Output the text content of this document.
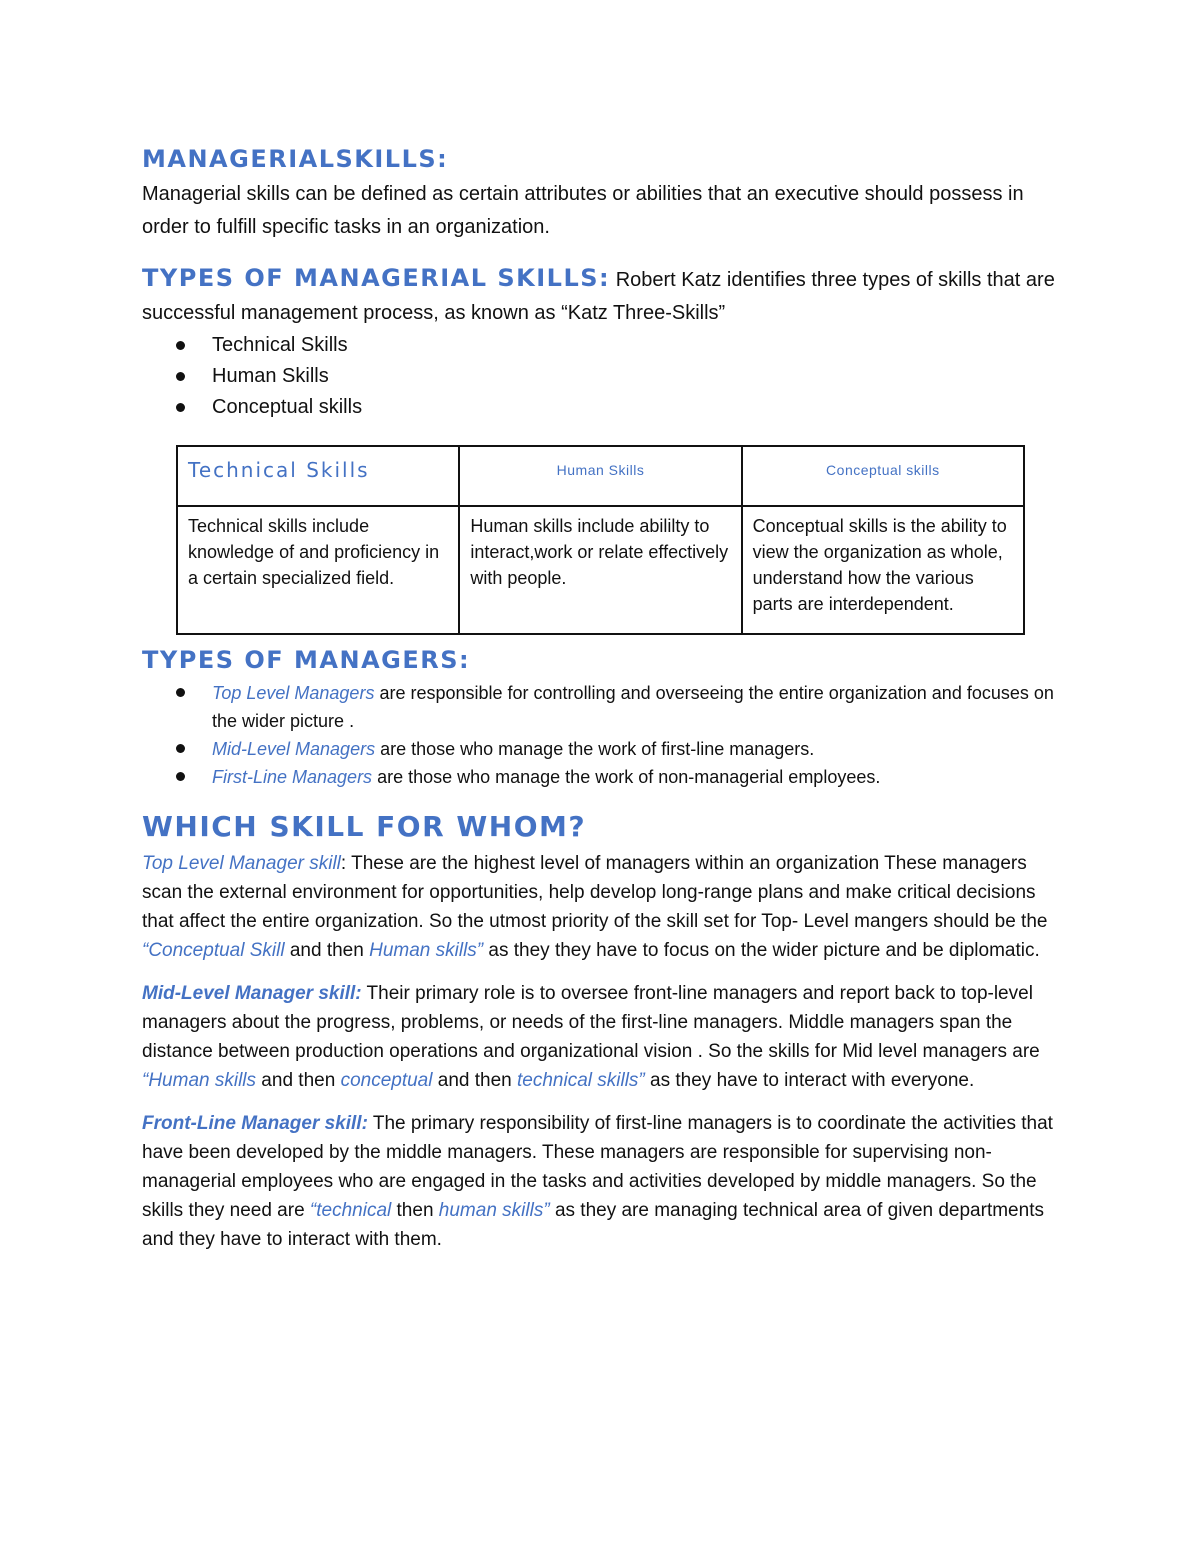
MANAGERIALSKILLS:

Managerial skills can be defined as certain attributes or abilities that an executive should possess in order to fulfill specific tasks in an organization.

TYPES OF MANAGERIAL SKILLS: Robert Katz identifies three types of skills that are successful management process, as known as “Katz Three-Skills”

Technical Skills
Human Skills
Conceptual skills
Technical Skills	Human Skills	Conceptual skills

Technical skills include knowledge of and proficiency in a certain specialized field.	Human skills include abililty to interact,work or relate effectively with people.	Conceptual skills is the ability to view the organization as whole, understand how the various parts are interdependent.
TYPES OF MANAGERS:
Top Level Managers are responsible for controlling and overseeing the entire organization and focuses on the wider picture .
Mid-Level Managers are those who manage the work of first-line managers.
First-Line Managers are those who manage the work of non-managerial employees.
WHICH SKILL FOR WHOM?

Top Level Manager skill: These are the highest level of managers within an organization These managers scan the external environment for opportunities, help develop long-range plans and make critical decisions that affect the entire organization. So the utmost priority of the skill set for Top- Level mangers should be the “Conceptual Skill and then Human skills” as they they have to focus on the wider picture and be diplomatic.

Mid-Level Manager skill: Their primary role is to oversee front-line managers and report back to top-level managers about the progress, problems, or needs of the first-line managers. Middle managers span the distance between production operations and organizational vision . So the skills for Mid level managers are “Human skills and then conceptual and then technical skills” as they have to interact with everyone.

Front-Line Manager skill: The primary responsibility of first-line managers is to coordinate the activities that have been developed by the middle managers. These managers are responsible for supervising non-managerial employees who are engaged in the tasks and activities developed by middle managers. So the skills they need are “technical then human skills” as they are managing technical area of given departments and they have to interact with them.
